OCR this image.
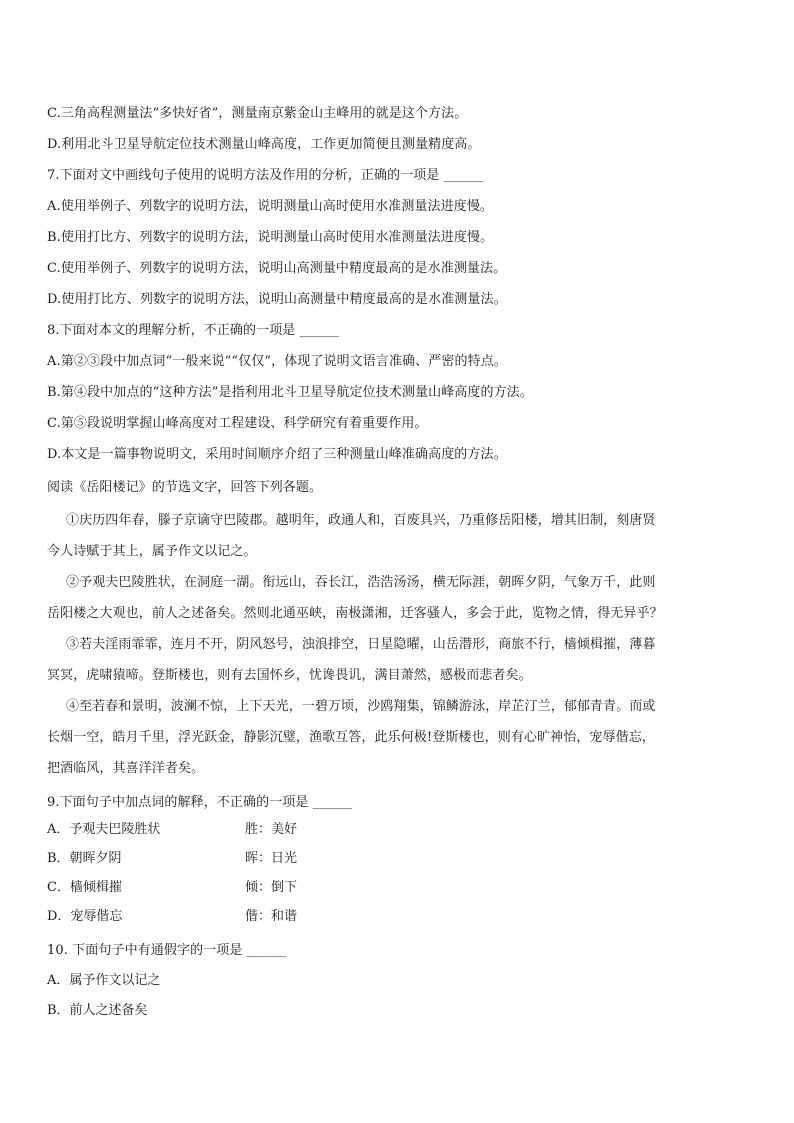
C.三角高程测量法“多快好省”，测量南京紫金山主峰用的就是这个方法。
D.利用北斗卫星导航定位技术测量山峰高度，工作更加简便且测量精度高。
7.下面对文中画线句子使用的说明方法及作用的分析，正确的一项是 ______
A.使用举例子、列数字的说明方法，说明测量山高时使用水准测量法进度慢。
B.使用打比方、列数字的说明方法，说明测量山高时使用水准测量法进度慢。
C.使用举例子、列数字的说明方法，说明山高测量中精度最高的是水准测量法。
D.使用打比方、列数字的说明方法，说明山高测量中精度最高的是水准测量法。
8.下面对本文的理解分析，不正确的一项是 ______
A.第②③段中加点词“一般来说”“仅仅”，体现了说明文语言准确、严密的特点。
B.第④段中加点的“这种方法”是指利用北斗卫星导航定位技术测量山峰高度的方法。
C.第⑤段说明掌握山峰高度对工程建设、科学研究有着重要作用。
D.本文是一篇事物说明文，采用时间顺序介绍了三种测量山峰准确高度的方法。
阅读《岳阳楼记》的节选文字，回答下列各题。
①庆历四年春，滕子京谪守巴陵郡。越明年，政通人和，百废具兴，乃重修岳阳楼，增其旧制，刻唐贤
今人诗赋于其上，属予作文以记之。
②予观夫巴陵胜状，在洞庭一湖。衔远山，吞长江，浩浩汤汤，横无际涯，朝晖夕阴，气象万千，此则
岳阳楼之大观也，前人之述备矣。然则北通巫峡，南极潇湘，迁客骚人，多会于此，览物之情，得无异乎？
③若夫淫雨霏霏，连月不开，阴风怒号，浊浪排空，日星隐曜，山岳潜形，商旅不行，樯倾楫摧，薄暮
冥冥，虎啸猿啼。登斯楼也，则有去国怀乡，忧谗畏讥，满目萧然，感极而悲者矣。
④至若春和景明，波澜不惊，上下天光，一碧万顷，沙鸥翔集，锦鳞游泳，岸芷汀兰，郁郁青青。而或
长烟一空，皓月千里，浮光跃金，静影沉璧，渔歌互答，此乐何极!登斯楼也，则有心旷神怡，宠辱偕忘，
把酒临风，其喜洋洋者矣。
9.下面句子中加点词的解释，不正确的一项是 ______
A．予观夫巴陵胜状	胜：美好
B．朝晖夕阴	晖：日光
C．樯倾楫摧	倾：倒下
D．宠辱偕忘	偕：和谐
10. 下面句子中有通假字的一项是 ______
A．属予作文以记之
B．前人之述备矣
